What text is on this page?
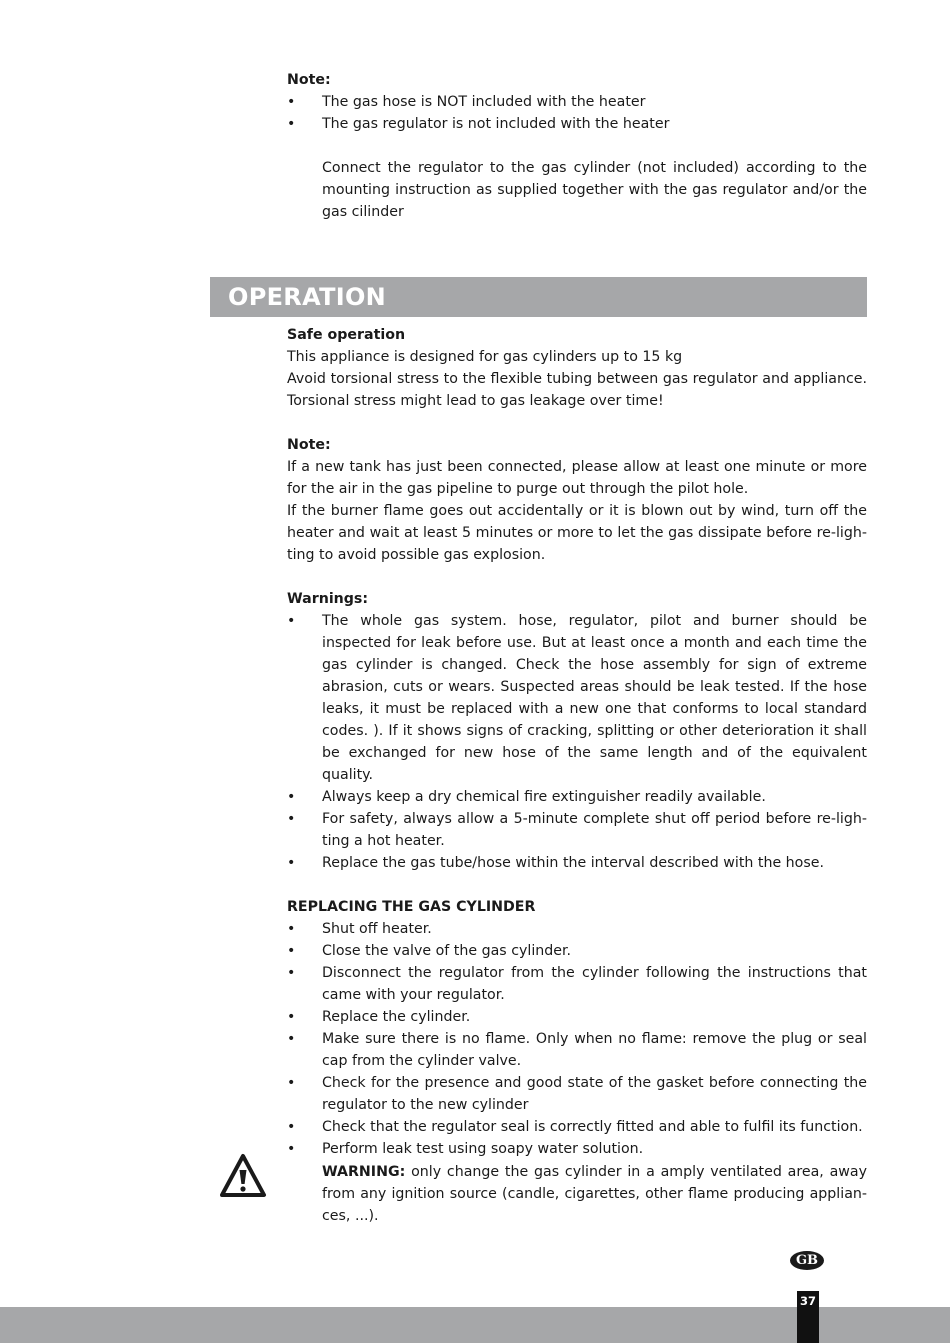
Note:

• The gas hose is NOT included with the heater
• The gas regulator is not included with the heater

Connect the regulator to the gas cylinder (not included) according to the mounting instruction as supplied together with the gas regulator and/or the gas cilinder

OPERATION

Safe operation

This appliance is designed for gas cylinders up to 15 kg

Avoid torsional stress to the flexible tubing between gas regulator and appliance. Torsional stress might lead to gas leakage over time!

Note:

If a new tank has just been connected, please allow at least one minute or more for the air in the gas pipeline to purge out through the pilot hole.

If the burner flame goes out accidentally or it is blown out by wind, turn off the heater and wait at least 5 minutes or more to let the gas dissipate before re-ligh-ting to avoid possible gas explosion.

Warnings:

• The whole gas system. hose, regulator, pilot and burner should be inspected for leak before use. But at least once a month and each time the gas cylinder is changed. Check the hose assembly for sign of extreme abrasion, cuts or wears. Suspected areas should be leak tested. If the hose leaks, it must be replaced with a new one that conforms to local standard codes. ). If it shows signs of cracking, splitting or other deterioration it shall be exchanged for new hose of the same length and of the equivalent quality.
• Always keep a dry chemical fire extinguisher readily available.
• For safety, always allow a 5-minute complete shut off period before re-ligh-ting a hot heater.
• Replace the gas tube/hose within the interval described with the hose.

REPLACING THE GAS CYLINDER

• Shut off heater.
• Close the valve of the gas cylinder.
• Disconnect the regulator from the cylinder following the instructions that came with your regulator.
• Replace the cylinder.
• Make sure there is no flame. Only when no flame: remove the plug or seal cap from the cylinder valve.
• Check for the presence and good state of the gasket before connecting the regulator to the new cylinder
• Check that the regulator seal is correctly fitted and able to fulfil its function.
• Perform leak test using soapy water solution.
WARNING: only change the gas cylinder in a amply ventilated area, away from any ignition source (candle, cigarettes, other flame producing applian-ces, ...).
GB
37
